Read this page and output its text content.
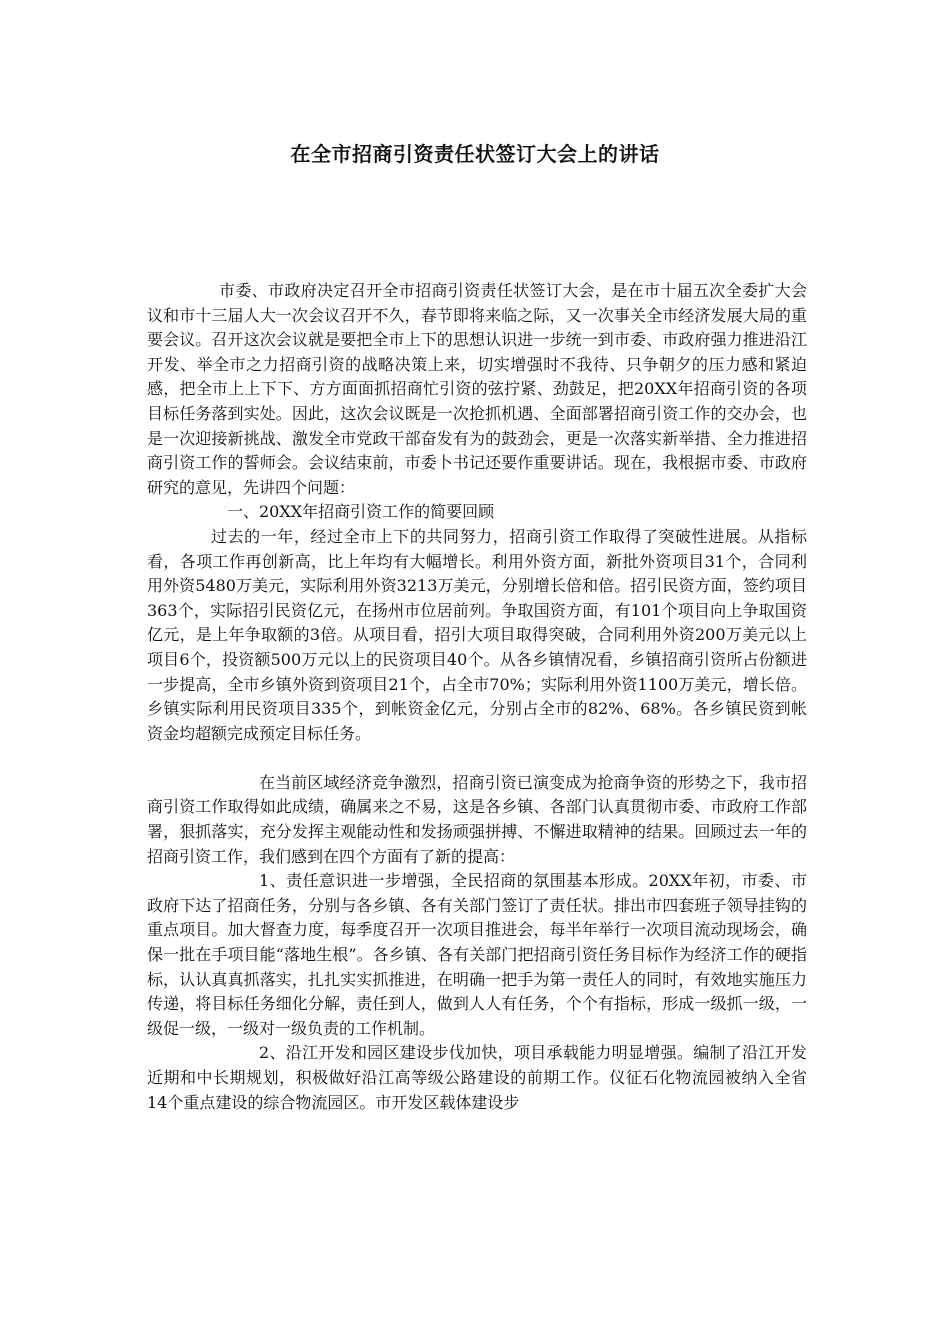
在全市招商引资责任状签订大会上的讲话

市委、市政府决定召开全市招商引资责任状签订大会，是在市十届五次全委扩大会议和市十三届人大一次会议召开不久，春节即将来临之际，又一次事关全市经济发展大局的重要会议。召开这次会议就是要把全市上下的思想认识进一步统一到市委、市政府强力推进沿江开发、举全市之力招商引资的战略决策上来，切实增强时不我待、只争朝夕的压力感和紧迫感，把全市上上下下、方方面面抓招商忙引资的弦拧紧、劲鼓足，把20XX年招商引资的各项目标任务落到实处。因此，这次会议既是一次抢抓机遇、全面部署招商引资工作的交办会，也是一次迎接新挑战、激发全市党政干部奋发有为的鼓劲会，更是一次落实新举措、全力推进招商引资工作的誓师会。会议结束前，市委卜书记还要作重要讲话。现在，我根据市委、市政府研究的意见，先讲四个问题：

一、20XX年招商引资工作的简要回顾

过去的一年，经过全市上下的共同努力，招商引资工作取得了突破性进展。从指标看，各项工作再创新高，比上年均有大幅增长。利用外资方面，新批外资项目31个，合同利用外资5480万美元，实际利用外资3213万美元，分别增长倍和倍。招引民资方面，签约项目363个，实际招引民资亿元，在扬州市位居前列。争取国资方面，有101个项目向上争取国资亿元，是上年争取额的3倍。从项目看，招引大项目取得突破，合同利用外资200万美元以上项目6个，投资额500万元以上的民资项目40个。从各乡镇情况看，乡镇招商引资所占份额进一步提高，全市乡镇外资到资项目21个，占全市70%；实际利用外资1100万美元，增长倍。乡镇实际利用民资项目335个，到帐资金亿元，分别占全市的82%、68%。各乡镇民资到帐资金均超额完成预定目标任务。

在当前区域经济竞争激烈，招商引资已演变成为抢商争资的形势之下，我市招商引资工作取得如此成绩，确属来之不易，这是各乡镇、各部门认真贯彻市委、市政府工作部署，狠抓落实，充分发挥主观能动性和发扬顽强拼搏、不懈进取精神的结果。回顾过去一年的招商引资工作，我们感到在四个方面有了新的提高：

1、责任意识进一步增强，全民招商的氛围基本形成。20XX年初，市委、市政府下达了招商任务，分别与各乡镇、各有关部门签订了责任状。排出市四套班子领导挂钩的重点项目。加大督查力度，每季度召开一次项目推进会，每半年举行一次项目流动现场会，确保一批在手项目能“落地生根”。各乡镇、各有关部门把招商引资任务目标作为经济工作的硬指标，认认真真抓落实，扎扎实实抓推进，在明确一把手为第一责任人的同时，有效地实施压力传递，将目标任务细化分解，责任到人，做到人人有任务，个个有指标，形成一级抓一级，一级促一级，一级对一级负责的工作机制。

2、沿江开发和园区建设步伐加快，项目承载能力明显增强。编制了沿江开发近期和中长期规划，积极做好沿江高等级公路建设的前期工作。仪征石化物流园被纳入全省14个重点建设的综合物流园区。市开发区载体建设步
